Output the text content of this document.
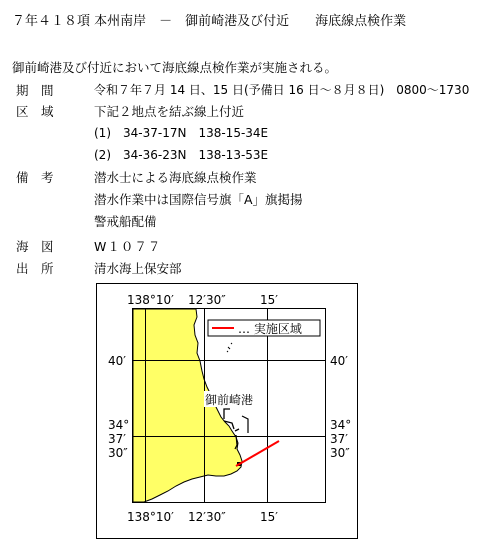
７年４１８項 本州南岸　－　御前崎港及び付近　　海底線点検作業
御前崎港及び付近において海底線点検作業が実施される。
期　間	令和７年７月 14 日、15 日(予備日 16 日～８月８日)　0800～1730
区　域	下記２地点を結ぶ線上付近
(1)　34-37-17N　138-15-34E
(2)　34-36-23N　138-13-53E
備　考	潜水士による海底線点検作業
潜水作業中は国際信号旗「A」旗掲揚
警戒船配備
海　図	W１０７７
出　所	清水海上保安部
… 実施区域
御前崎港
138°10′ 12′30″	15′
138°10′ 12′30″	15′
40′	40′
34°
37′
30″
34°
37′
30″
